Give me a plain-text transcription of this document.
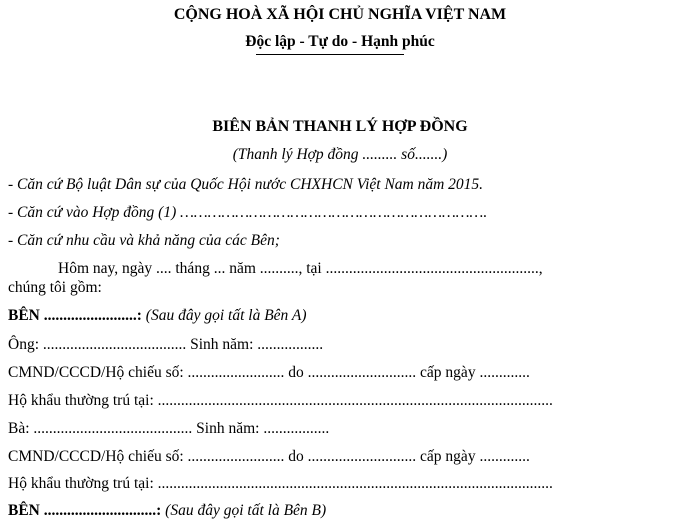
CỘNG HOÀ XÃ HỘI CHỦ NGHĨA VIỆT NAM
Độc lập - Tự do - Hạnh phúc
BIÊN BẢN THANH LÝ HỢP ĐỒNG
(Thanh lý Hợp đồng ......... số.......)
- Căn cứ Bộ luật Dân sự của Quốc Hội nước CHXHCN Việt Nam năm 2015.
- Căn cứ vào Hợp đồng (1) ………………………………………………………….
- Căn cứ nhu cầu và khả năng của các Bên;
Hôm nay, ngày .... tháng ... năm .........., tại .......................................................,
chúng tôi gồm:
BÊN ........................: (Sau đây gọi tất là Bên A)
Ông: ..................................... Sinh năm: .................
CMND/CCCD/Hộ chiếu số: ......................... do ............................ cấp ngày .............
Hộ khẩu thường trú tại: ......................................................................................................
Bà: ......................................... Sinh năm: .................
CMND/CCCD/Hộ chiếu số: ......................... do ............................ cấp ngày .............
Hộ khẩu thường trú tại: ......................................................................................................
BÊN .............................: (Sau đây gọi tất là Bên B)
